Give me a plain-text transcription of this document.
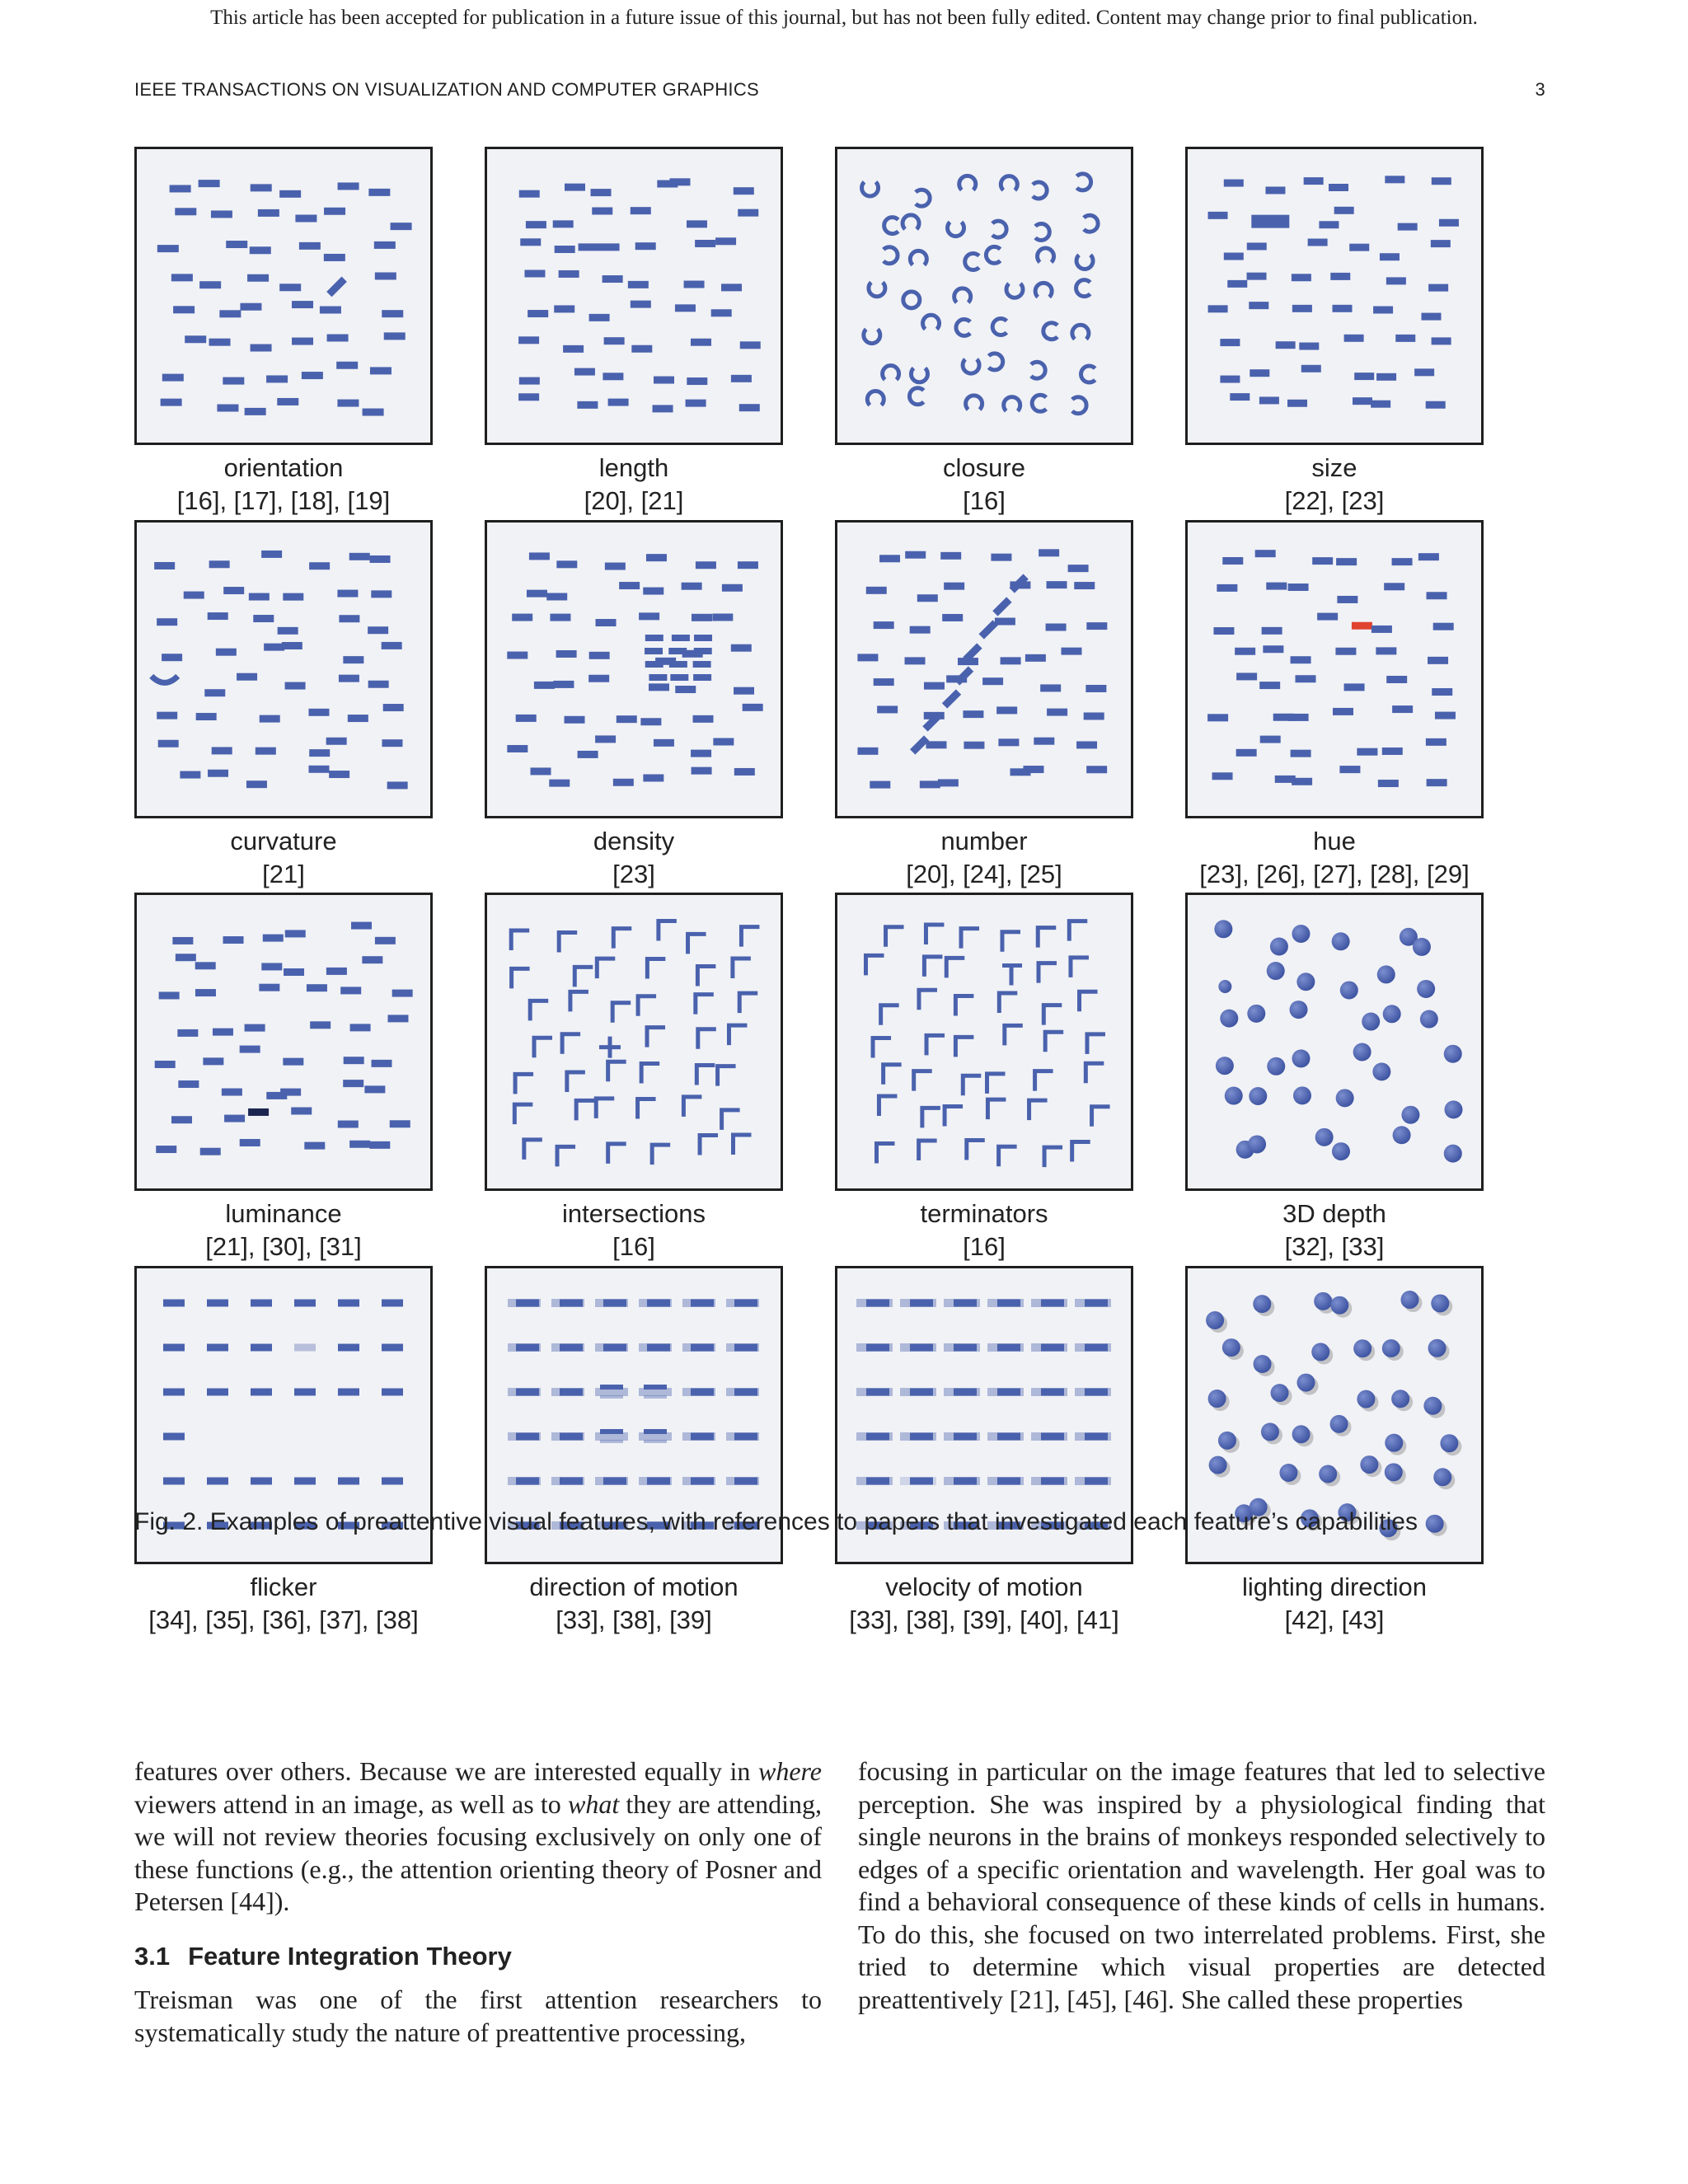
This article has been accepted for publication in a future issue of this journal, but has not been fully edited. Content may change prior to final publication.
IEEE TRANSACTIONS ON VISUALIZATION AND COMPUTER GRAPHICS	3
orientation
[16], [17], [18], [19]
length
[20], [21]
closure
[16]
size
[22], [23]
curvature
[21]
density
[23]
number
[20], [24], [25]
hue
[23], [26], [27], [28], [29]
luminance
[21], [30], [31]
intersections
[16]
terminators
[16]
3D depth
[32], [33]
flicker
[34], [35], [36], [37], [38]
direction of motion
[33], [38], [39]
velocity of motion
[33], [38], [39], [40], [41]
lighting direction
[42], [43]
Fig. 2. Examples of preattentive visual features, with references to papers that investigated each feature’s capabilities

features over others. Because we are interested equally in where viewers attend in an image, as well as to what they are attending, we will not review theories focusing exclusively on only one of these functions (e.g., the attention orienting theory of Posner and Petersen [44]).

3.1 Feature Integration Theory

Treisman was one of the first attention researchers to systematically study the nature of preattentive processing,

focusing in particular on the image features that led to selective perception. She was inspired by a physiological finding that single neurons in the brains of monkeys responded selectively to edges of a specific orientation and wavelength. Her goal was to find a behavioral consequence of these kinds of cells in humans. To do this, she focused on two interrelated problems. First, she tried to determine which visual properties are detected preattentively [21], [45], [46]. She called these properties
